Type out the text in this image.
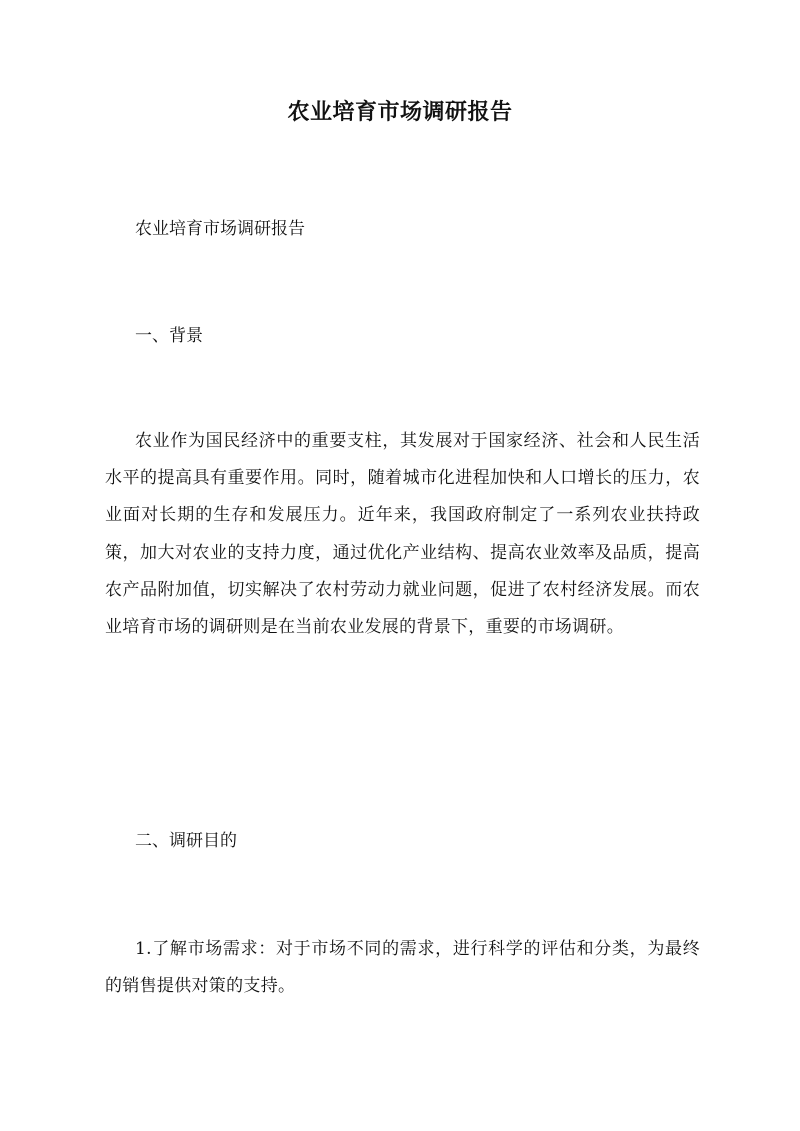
农业培育市场调研报告

农业培育市场调研报告

一、背景

农业作为国民经济中的重要支柱，其发展对于国家经济、社会和人民生活水平的提高具有重要作用。同时，随着城市化进程加快和人口增长的压力，农业面对长期的生存和发展压力。近年来，我国政府制定了一系列农业扶持政策，加大对农业的支持力度，通过优化产业结构、提高农业效率及品质，提高农产品附加值，切实解决了农村劳动力就业问题，促进了农村经济发展。而农业培育市场的调研则是在当前农业发展的背景下，重要的市场调研。

二、调研目的

1.了解市场需求：对于市场不同的需求，进行科学的评估和分类，为最终的销售提供对策的支持。
